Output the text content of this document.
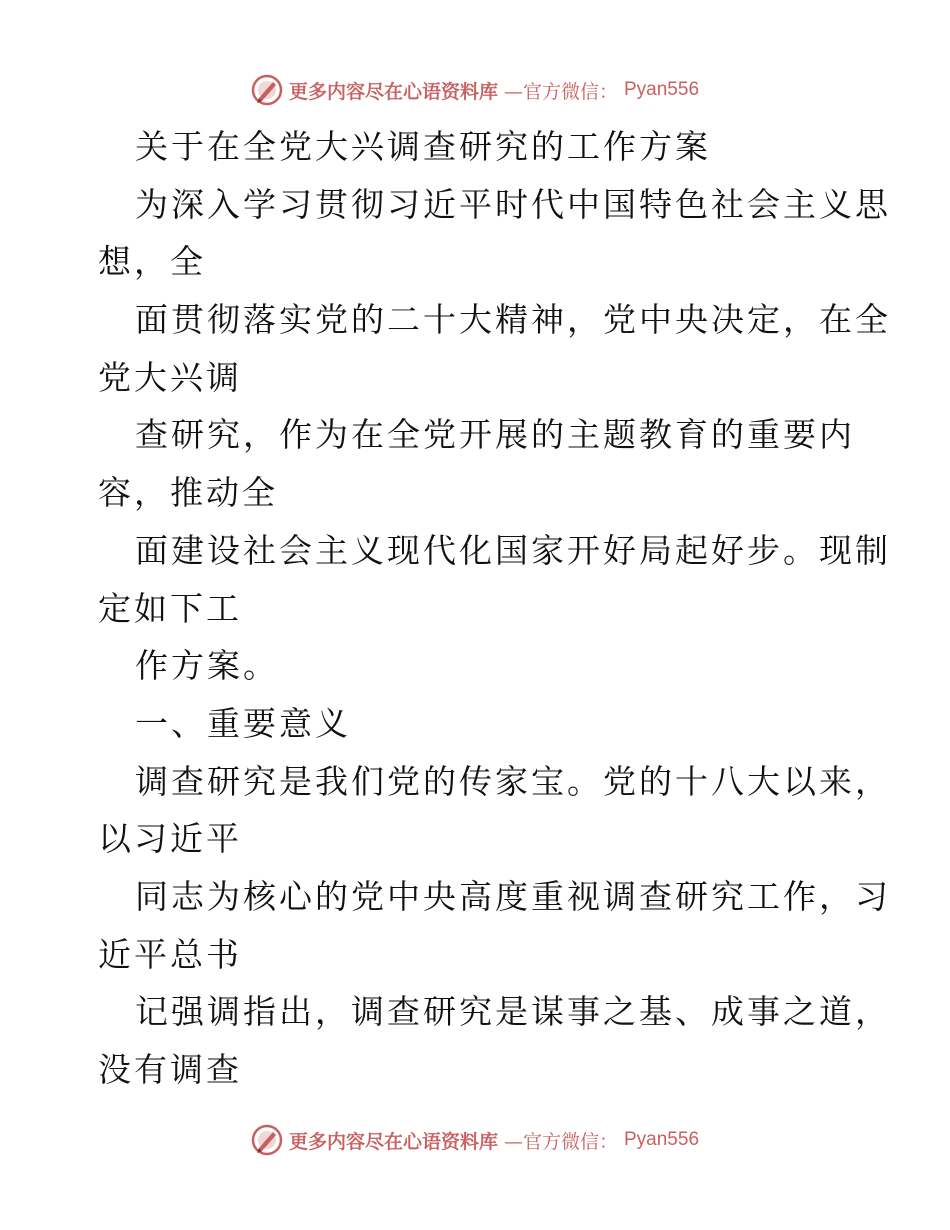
更多内容尽在心语资料库 —官方微信： Pyan556
关于在全党大兴调查研究的工作方案
为深入学习贯彻习近平时代中国特色社会主义思
想，全
面贯彻落实党的二十大精神，党中央决定，在全
党大兴调
查研究，作为在全党开展的主题教育的重要内
容，推动全
面建设社会主义现代化国家开好局起好步。现制
定如下工
作方案。
一、重要意义
调查研究是我们党的传家宝。党的十八大以来，
以习近平
同志为核心的党中央高度重视调查研究工作，习
近平总书
记强调指出，调查研究是谋事之基、成事之道，
没有调查
更多内容尽在心语资料库 —官方微信： Pyan556
